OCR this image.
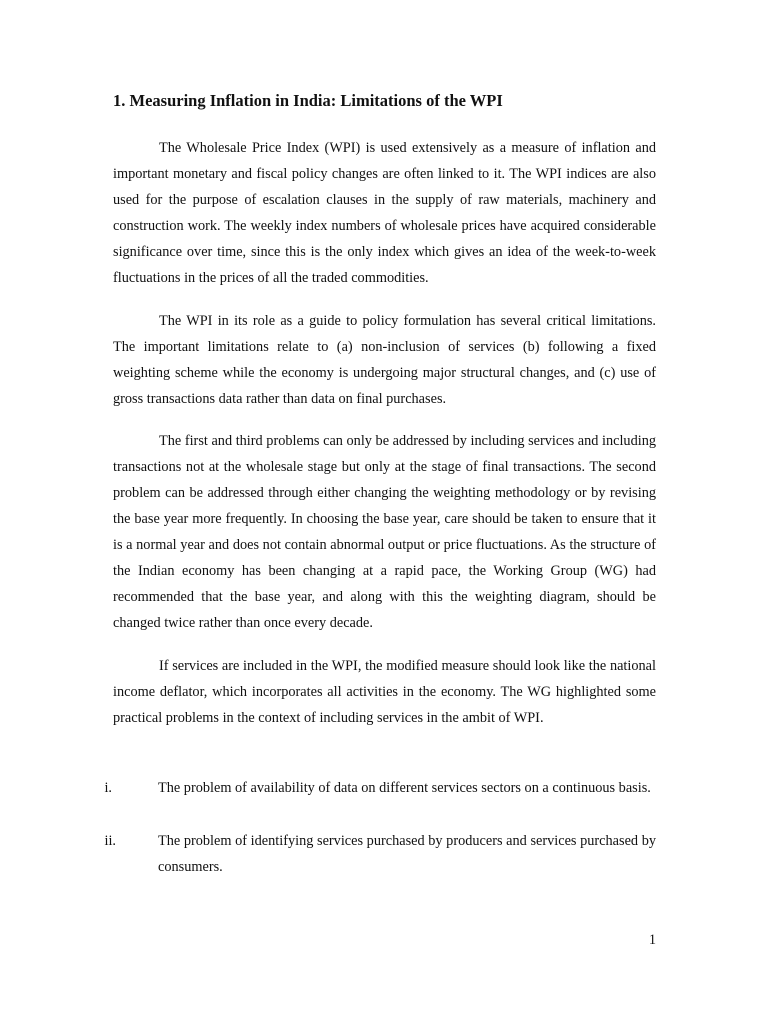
1. Measuring Inflation in India: Limitations of the WPI

The Wholesale Price Index (WPI) is used extensively as a measure of inflation and important monetary and fiscal policy changes are often linked to it. The WPI indices are also used for the purpose of escalation clauses in the supply of raw materials, machinery and construction work. The weekly index numbers of wholesale prices have acquired considerable significance over time, since this is the only index which gives an idea of the week-to-week fluctuations in the prices of all the traded commodities.

The WPI in its role as a guide to policy formulation has several critical limitations. The important limitations relate to (a) non-inclusion of services (b) following a fixed weighting scheme while the economy is undergoing major structural changes, and (c) use of gross transactions data rather than data on final purchases.

The first and third problems can only be addressed by including services and including transactions not at the wholesale stage but only at the stage of final transactions. The second problem can be addressed through either changing the weighting methodology or by revising the base year more frequently. In choosing the base year, care should be taken to ensure that it is a normal year and does not contain abnormal output or price fluctuations. As the structure of the Indian economy has been changing at a rapid pace, the Working Group (WG) had recommended that the base year, and along with this the weighting diagram, should be changed twice rather than once every decade.

If services are included in the WPI, the modified measure should look like the national income deflator, which incorporates all activities in the economy. The WG highlighted some practical problems in the context of including services in the ambit of WPI.

i.	The problem of availability of data on different services sectors on a continuous basis.
ii.	The problem of identifying services purchased by producers and services purchased by consumers.
1
